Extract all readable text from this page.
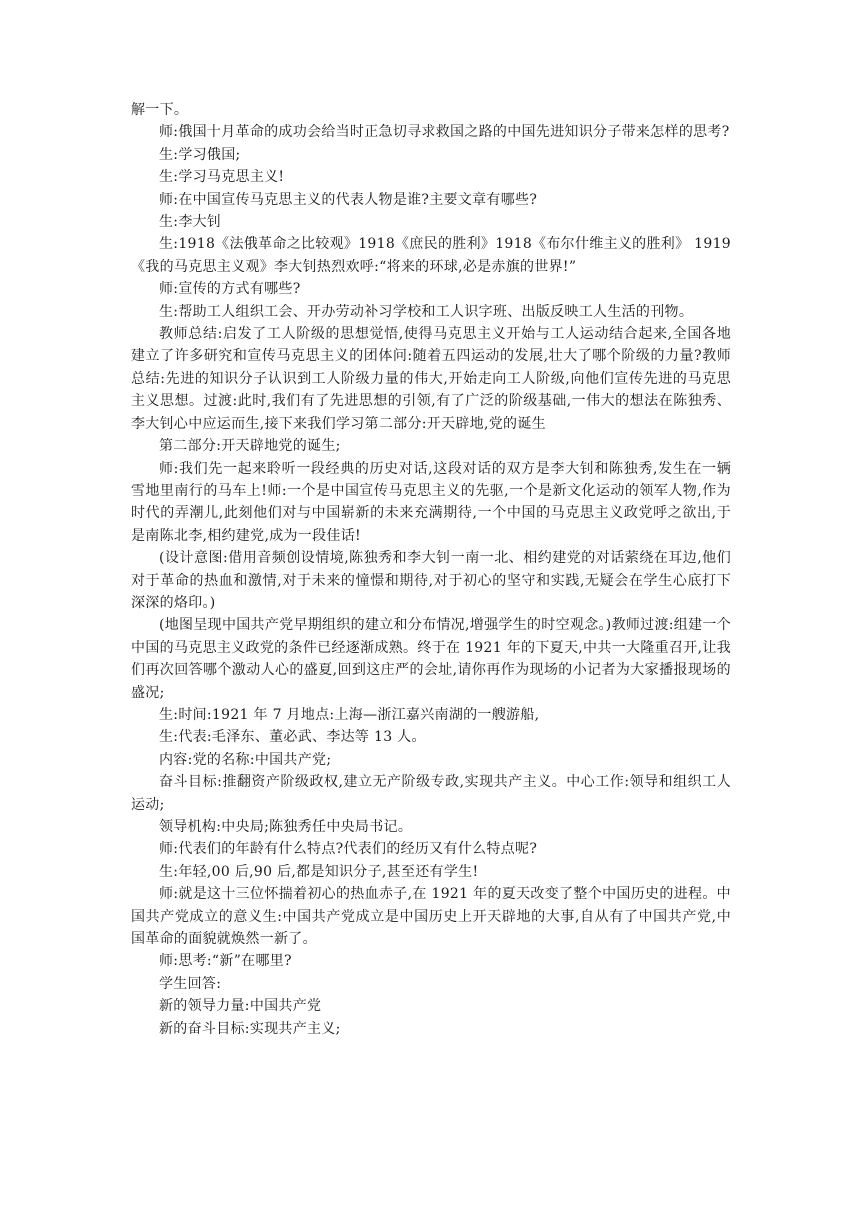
解一下。

师:俄国十月革命的成功会给当时正急切寻求救国之路的中国先进知识分子带来怎样的思考?

生:学习俄国;

生:学习马克思主义!

师:在中国宣传马克思主义的代表人物是谁?主要文章有哪些?

生:李大钊

生:1918《法俄革命之比较观》1918《庶民的胜利》1918《布尔什维主义的胜利》 1919《我的马克思主义观》李大钊热烈欢呼:“将来的环球,必是赤旗的世界!”

师:宣传的方式有哪些?

生:帮助工人组织工会、开办劳动补习学校和工人识字班、出版反映工人生活的刊物。

教师总结:启发了工人阶级的思想觉悟,使得马克思主义开始与工人运动结合起来,全国各地建立了许多研究和宣传马克思主义的团体问:随着五四运动的发展,壮大了哪个阶级的力量?教师总结:先进的知识分子认识到工人阶级力量的伟大,开始走向工人阶级,向他们宣传先进的马克思主义思想。过渡:此时,我们有了先进思想的引领,有了广泛的阶级基础,一伟大的想法在陈独秀、李大钊心中应运而生,接下来我们学习第二部分:开天辟地,党的诞生

第二部分:开天辟地党的诞生;

师:我们先一起来聆听一段经典的历史对话,这段对话的双方是李大钊和陈独秀,发生在一辆雪地里南行的马车上!师:一个是中国宣传马克思主义的先驱,一个是新文化运动的领军人物,作为时代的弄潮儿,此刻他们对与中国崭新的未来充满期待,一个中国的马克思主义政党呼之欲出,于是南陈北李,相约建党,成为一段佳话!

(设计意图:借用音频创设情境,陈独秀和李大钊一南一北、相约建党的对话萦绕在耳边,他们对于革命的热血和激情,对于未来的憧憬和期待,对于初心的坚守和实践,无疑会在学生心底打下深深的烙印。)

(地图呈现中国共产党早期组织的建立和分布情况,增强学生的时空观念。)教师过渡:组建一个中国的马克思主义政党的条件已经逐渐成熟。终于在 1921 年的下夏天,中共一大隆重召开,让我们再次回答哪个激动人心的盛夏,回到这庄严的会址,请你再作为现场的小记者为大家播报现场的盛况;

生:时间:1921 年 7 月地点:上海—浙江嘉兴南湖的一艘游船,

生:代表:毛泽东、董必武、李达等 13 人。

内容:党的名称:中国共产党;

奋斗目标:推翻资产阶级政权,建立无产阶级专政,实现共产主义。中心工作:领导和组织工人运动;

领导机构:中央局;陈独秀任中央局书记。

师:代表们的年龄有什么特点?代表们的经历又有什么特点呢?

生:年轻,00 后,90 后,都是知识分子,甚至还有学生!

师:就是这十三位怀揣着初心的热血赤子,在 1921 年的夏天改变了整个中国历史的进程。中国共产党成立的意义生:中国共产党成立是中国历史上开天辟地的大事,自从有了中国共产党,中国革命的面貌就焕然一新了。

师:思考:“新”在哪里?

学生回答:

新的领导力量:中国共产党

新的奋斗目标:实现共产主义;
